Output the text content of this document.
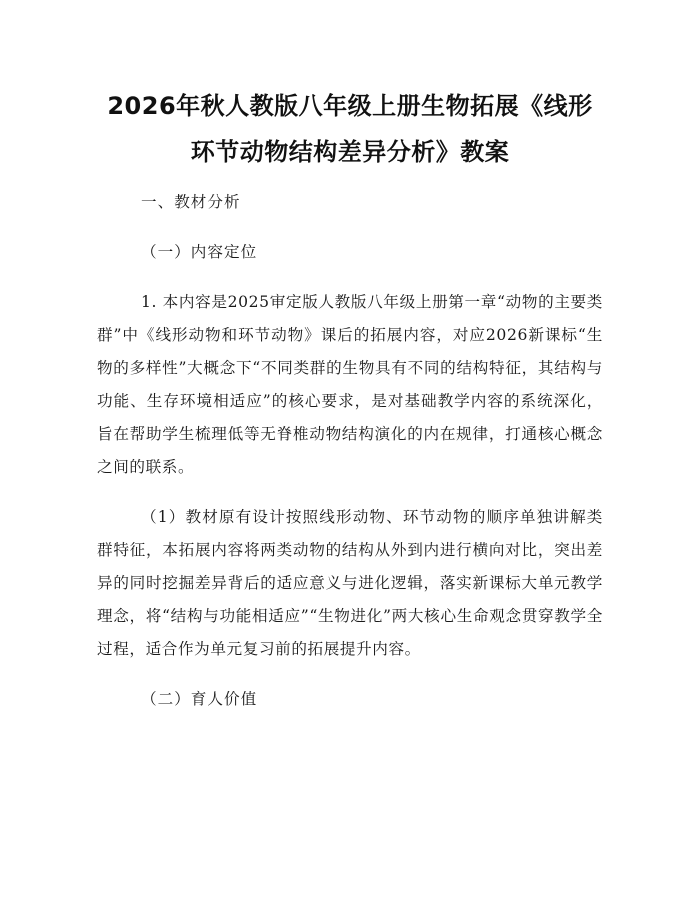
2026年秋人教版八年级上册生物拓展《线形
环节动物结构差异分析》教案

一、教材分析

（一）内容定位

1. 本内容是2025审定版人教版八年级上册第一章“动物的主要类群”中《线形动物和环节动物》课后的拓展内容，对应2026新课标“生物的多样性”大概念下“不同类群的生物具有不同的结构特征，其结构与功能、生存环境相适应”的核心要求，是对基础教学内容的系统深化，旨在帮助学生梳理低等无脊椎动物结构演化的内在规律，打通核心概念之间的联系。

（1）教材原有设计按照线形动物、环节动物的顺序单独讲解类群特征，本拓展内容将两类动物的结构从外到内进行横向对比，突出差异的同时挖掘差异背后的适应意义与进化逻辑，落实新课标大单元教学理念，将“结构与功能相适应”“生物进化”两大核心生命观念贯穿教学全过程，适合作为单元复习前的拓展提升内容。

（二）育人价值
